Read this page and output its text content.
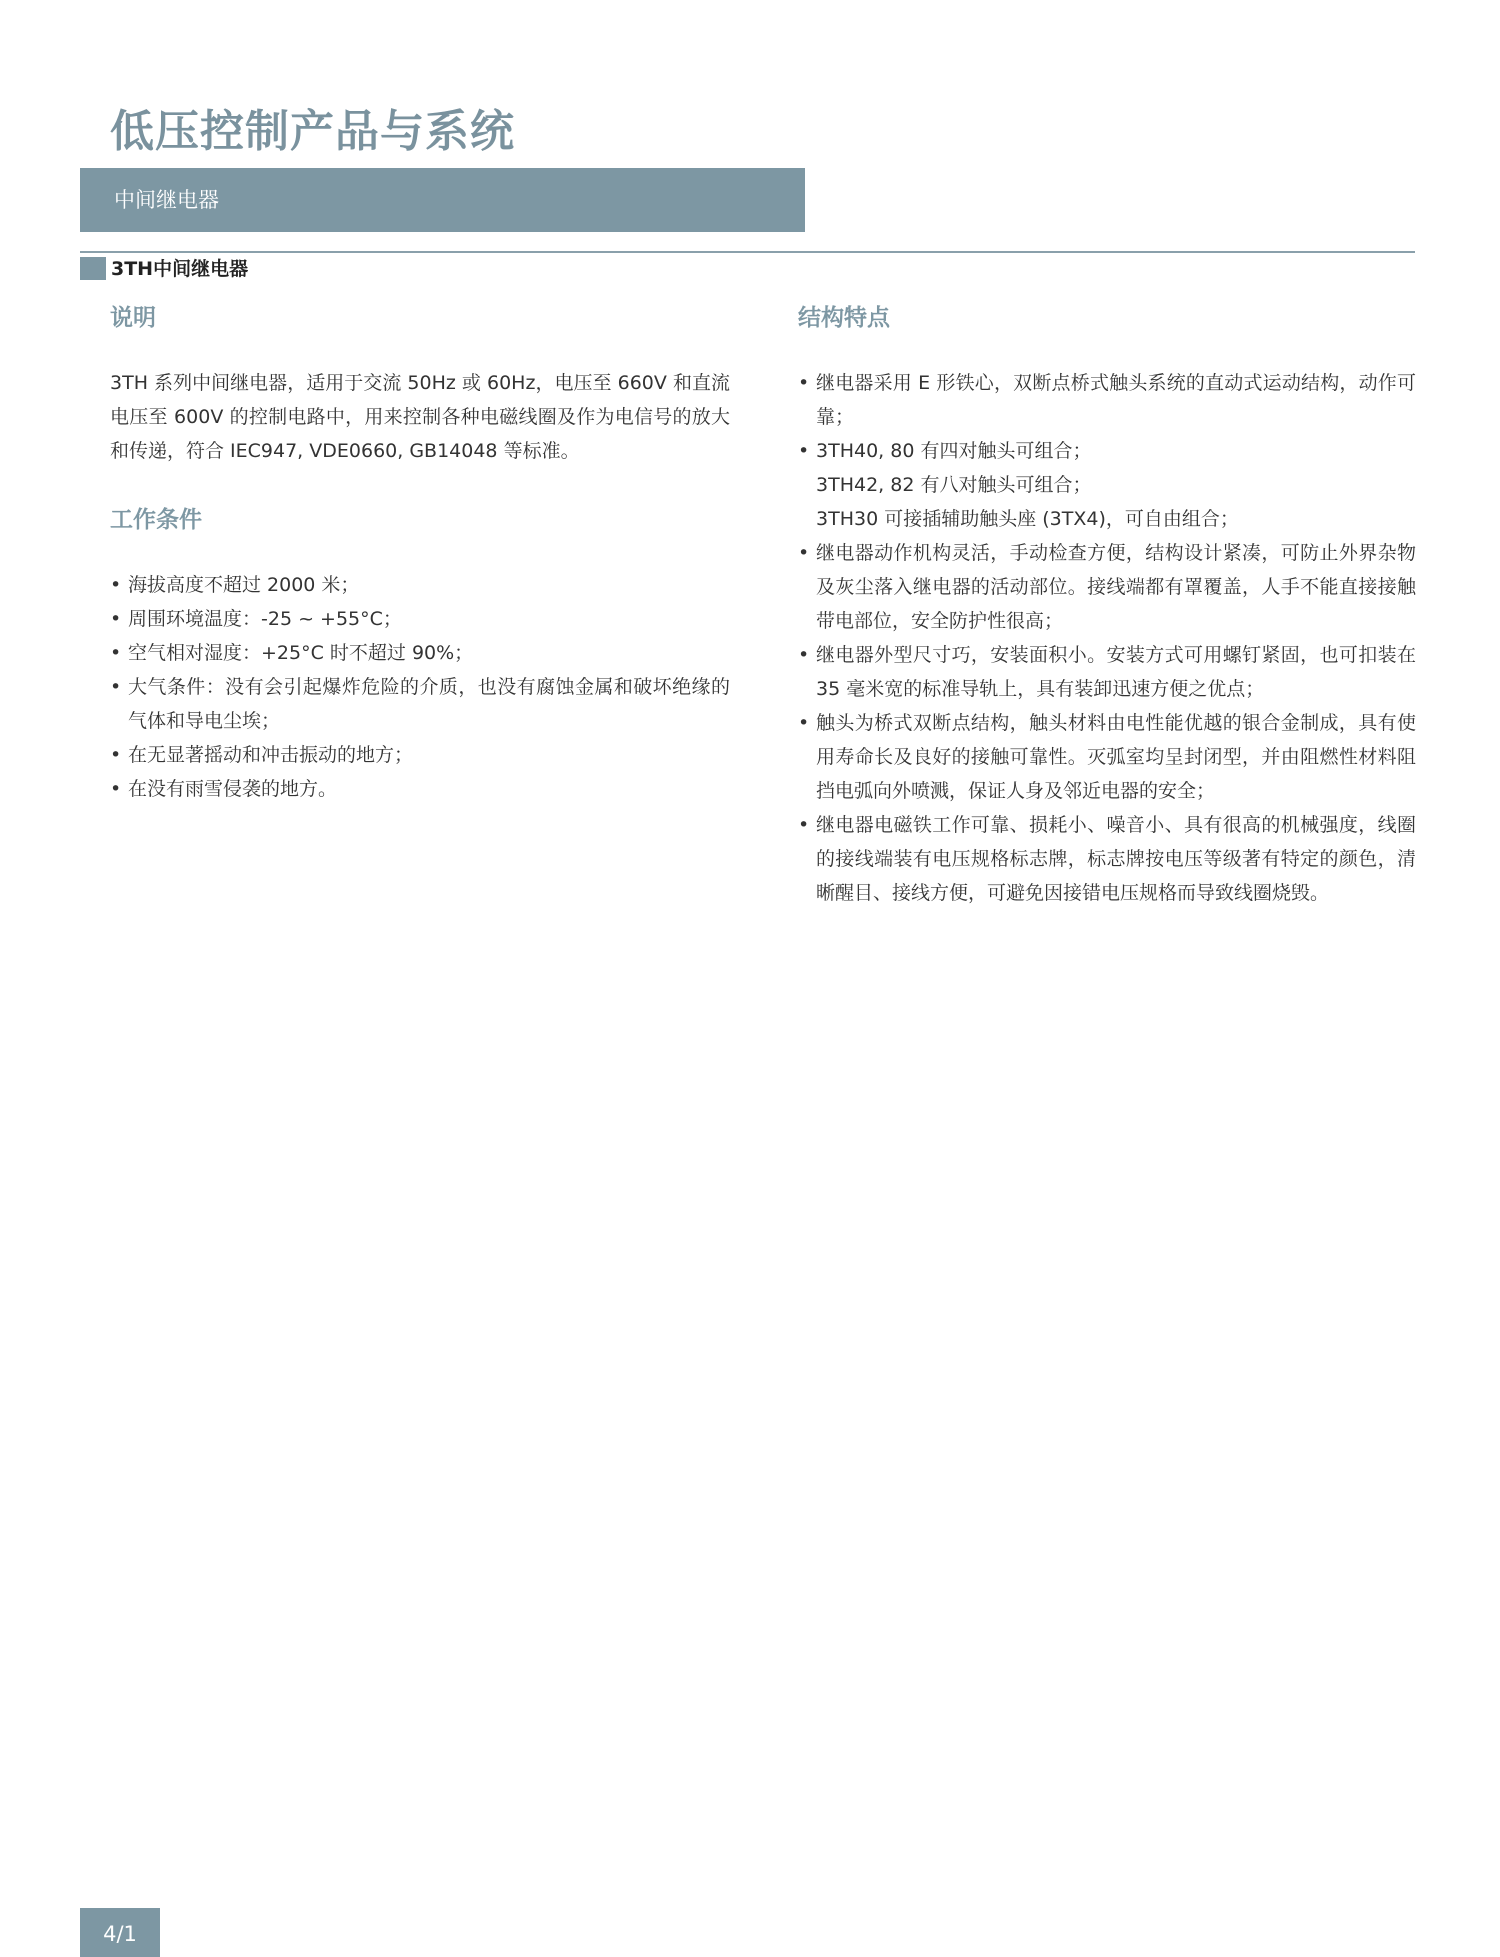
低压控制产品与系统
中间继电器
3TH中间继电器
说明

3TH 系列中间继电器，适用于交流 50Hz 或 60Hz，电压至 660V 和直流电压至 600V 的控制电路中，用来控制各种电磁线圈及作为电信号的放大和传递，符合 IEC947, VDE0660, GB14048 等标准。

工作条件
• 海拔高度不超过 2000 米；
• 周围环境温度：-25 ~ +55°C；
• 空气相对湿度：+25°C 时不超过 90%；
• 大气条件：没有会引起爆炸危险的介质，也没有腐蚀金属和破坏绝缘的气体和导电尘埃；
• 在无显著摇动和冲击振动的地方；
• 在没有雨雪侵袭的地方。
结构特点
• 继电器采用 E 形铁心，双断点桥式触头系统的直动式运动结构，动作可靠；
• 3TH40, 80 有四对触头可组合；
3TH42, 82 有八对触头可组合；
3TH30 可接插辅助触头座 (3TX4)，可自由组合；
• 继电器动作机构灵活，手动检查方便，结构设计紧凑，可防止外界杂物及灰尘落入继电器的活动部位。接线端都有罩覆盖，人手不能直接接触带电部位，安全防护性很高；
• 继电器外型尺寸巧，安装面积小。安装方式可用螺钉紧固，也可扣装在 35 毫米宽的标准导轨上，具有装卸迅速方便之优点；
• 触头为桥式双断点结构，触头材料由电性能优越的银合金制成，具有使用寿命长及良好的接触可靠性。灭弧室均呈封闭型，并由阻燃性材料阻挡电弧向外喷溅，保证人身及邻近电器的安全；
• 继电器电磁铁工作可靠、损耗小、噪音小、具有很高的机械强度，线圈的接线端装有电压规格标志牌，标志牌按电压等级著有特定的颜色，清晰醒目、接线方便，可避免因接错电压规格而导致线圈烧毁。
4/1
